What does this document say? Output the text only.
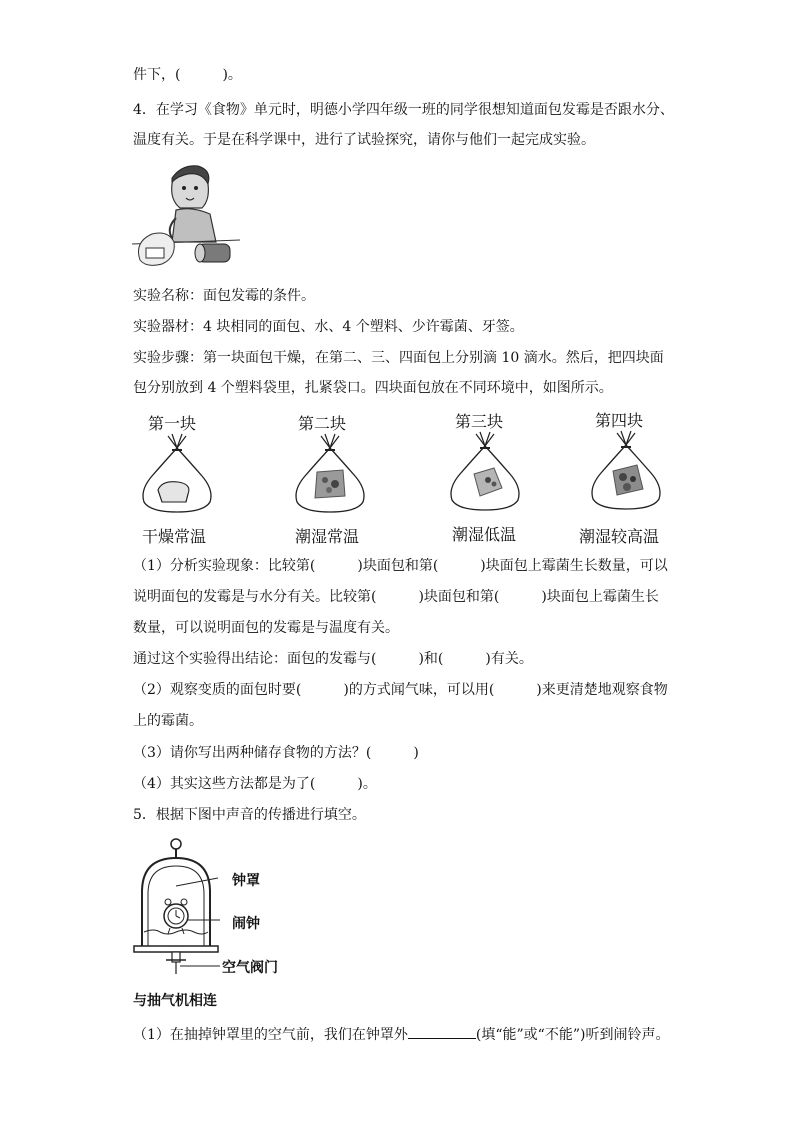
件下，(　　　)。
4．在学习《食物》单元时，明德小学四年级一班的同学很想知道面包发霉是否跟水分、
温度有关。于是在科学课中，进行了试验探究，请你与他们一起完成实验。
实验名称：面包发霉的条件。
实验器材：4 块相同的面包、水、4 个塑料、少许霉菌、牙签。
实验步骤：第一块面包干燥，在第二、三、四面包上分别滴 10 滴水。然后，把四块面
包分别放到 4 个塑料袋里，扎紧袋口。四块面包放在不同环境中，如图所示。
第一块	第二块	第三块	第四块
干燥常温	潮湿常温	潮湿低温	潮湿较高温
（1）分析实验现象：比较第(　　　)块面包和第(　　　)块面包上霉菌生长数量，可以
说明面包的发霉是与水分有关。比较第(　　　)块面包和第(　　　)块面包上霉菌生长
数量，可以说明面包的发霉是与温度有关。
通过这个实验得出结论：面包的发霉与(　　　)和(　　　)有关。
（2）观察变质的面包时要(　　　)的方式闻气味，可以用(　　　)来更清楚地观察食物
上的霉菌。
（3）请你写出两种储存食物的方法？(　　　)
（4）其实这些方法都是为了(　　　)。
5．根据下图中声音的传播进行填空。
钟罩
闹钟
空气阀门
与抽气机相连
（1）在抽掉钟罩里的空气前，我们在钟罩外	(填“能”或“不能”)听到闹铃声。
